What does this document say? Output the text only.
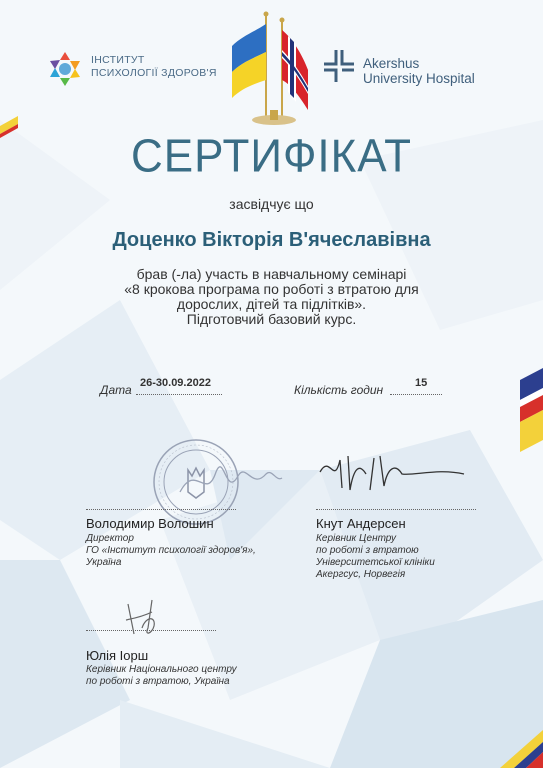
ІНСТИТУТ
ПСИХОЛОГІЇ ЗДОРОВ'Я
Akershus
University Hospital
СЕРТИФІКАТ
засвідчує що
Доценко Вікторія В'ячеславівна
брав (-ла) участь в навчальному семінарі
«8 крокова програма по роботі з втратою для
дорослих, дітей та підлітків».
Підготовчий базовий курс.
Дата 26-30.09.2022	Кількість годин	15
Володимир Волошин
Директор
ГО «Інститут психології здоров'я»,
Україна
Кнут Андерсен
Керівник Центру
по роботі з втратою
Університетської клініки
Акергсус, Норвегія
Юлія Іорш
Керівник Національного центру
по роботі з втратою, Україна
